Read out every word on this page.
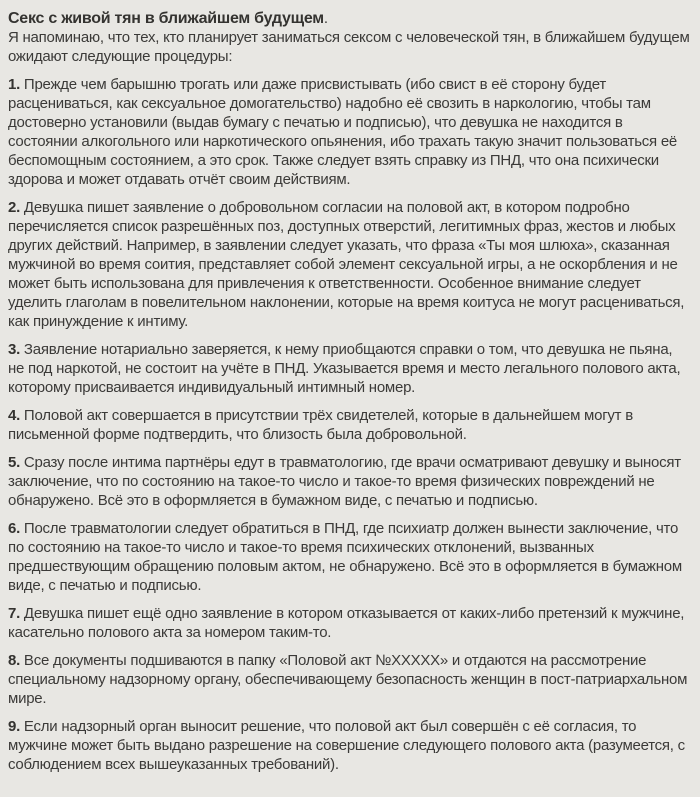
Секс с живой тян в ближайшем будущем.

Я напоминаю, что тех, кто планирует заниматься сексом с человеческой тян, в ближайшем будущем ожидают следующие процедуры:

1. Прежде чем барышню трогать или даже присвистывать (ибо свист в её сторону будет расцениваться, как сексуальное домогательство) надобно её свозить в наркологию, чтобы там достоверно установили (выдав бумагу с печатью и подписью), что девушка не находится в состоянии алкогольного или наркотического опьянения, ибо трахать такую значит пользоваться её беспомощным состоянием, а это срок. Также следует взять справку из ПНД, что она психически здорова и может отдавать отчёт своим действиям.

2. Девушка пишет заявление о добровольном согласии на половой акт, в котором подробно перечисляется список разрешённых поз, доступных отверстий, легитимных фраз, жестов и любых других действий. Например, в заявлении следует указать, что фраза «Ты моя шлюха», сказанная мужчиной во время соития, представляет собой элемент сексуальной игры, а не оскорбления и не может быть использована для привлечения к ответственности. Особенное внимание следует уделить глаголам в повелительном наклонении, которые на время коитуса не могут расцениваться, как принуждение к интиму.

3. Заявление нотариально заверяется, к нему приобщаются справки о том, что девушка не пьяна, не под наркотой, не состоит на учёте в ПНД. Указывается время и место легального полового акта, которому присваивается индивидуальный интимный номер.

4. Половой акт совершается в присутствии трёх свидетелей, которые в дальнейшем могут в письменной форме подтвердить, что близость была добровольной.

5. Сразу после интима партнёры едут в травматологию, где врачи осматривают девушку и выносят заключение, что по состоянию на такое-то число и такое-то время физических повреждений не обнаружено. Всё это в оформляется в бумажном виде, с печатью и подписью.

6. После травматологии следует обратиться в ПНД, где психиатр должен вынести заключение, что по состоянию на такое-то число и такое-то время психических отклонений, вызванных предшествующим обращению половым актом, не обнаружено. Всё это в оформляется в бумажном виде, с печатью и подписью.

7. Девушка пишет ещё одно заявление в котором отказывается от каких-либо претензий к мужчине, касательно полового акта за номером таким-то.

8. Все документы подшиваются в папку «Половой акт №XXXXX» и отдаются на рассмотрение специальному надзорному органу, обеспечивающему безопасность женщин в пост-патриархальном мире.

9. Если надзорный орган выносит решение, что половой акт был совершён с её согласия, то мужчине может быть выдано разрешение на совершение следующего полового акта (разумеется, с соблюдением всех вышеуказанных требований).
